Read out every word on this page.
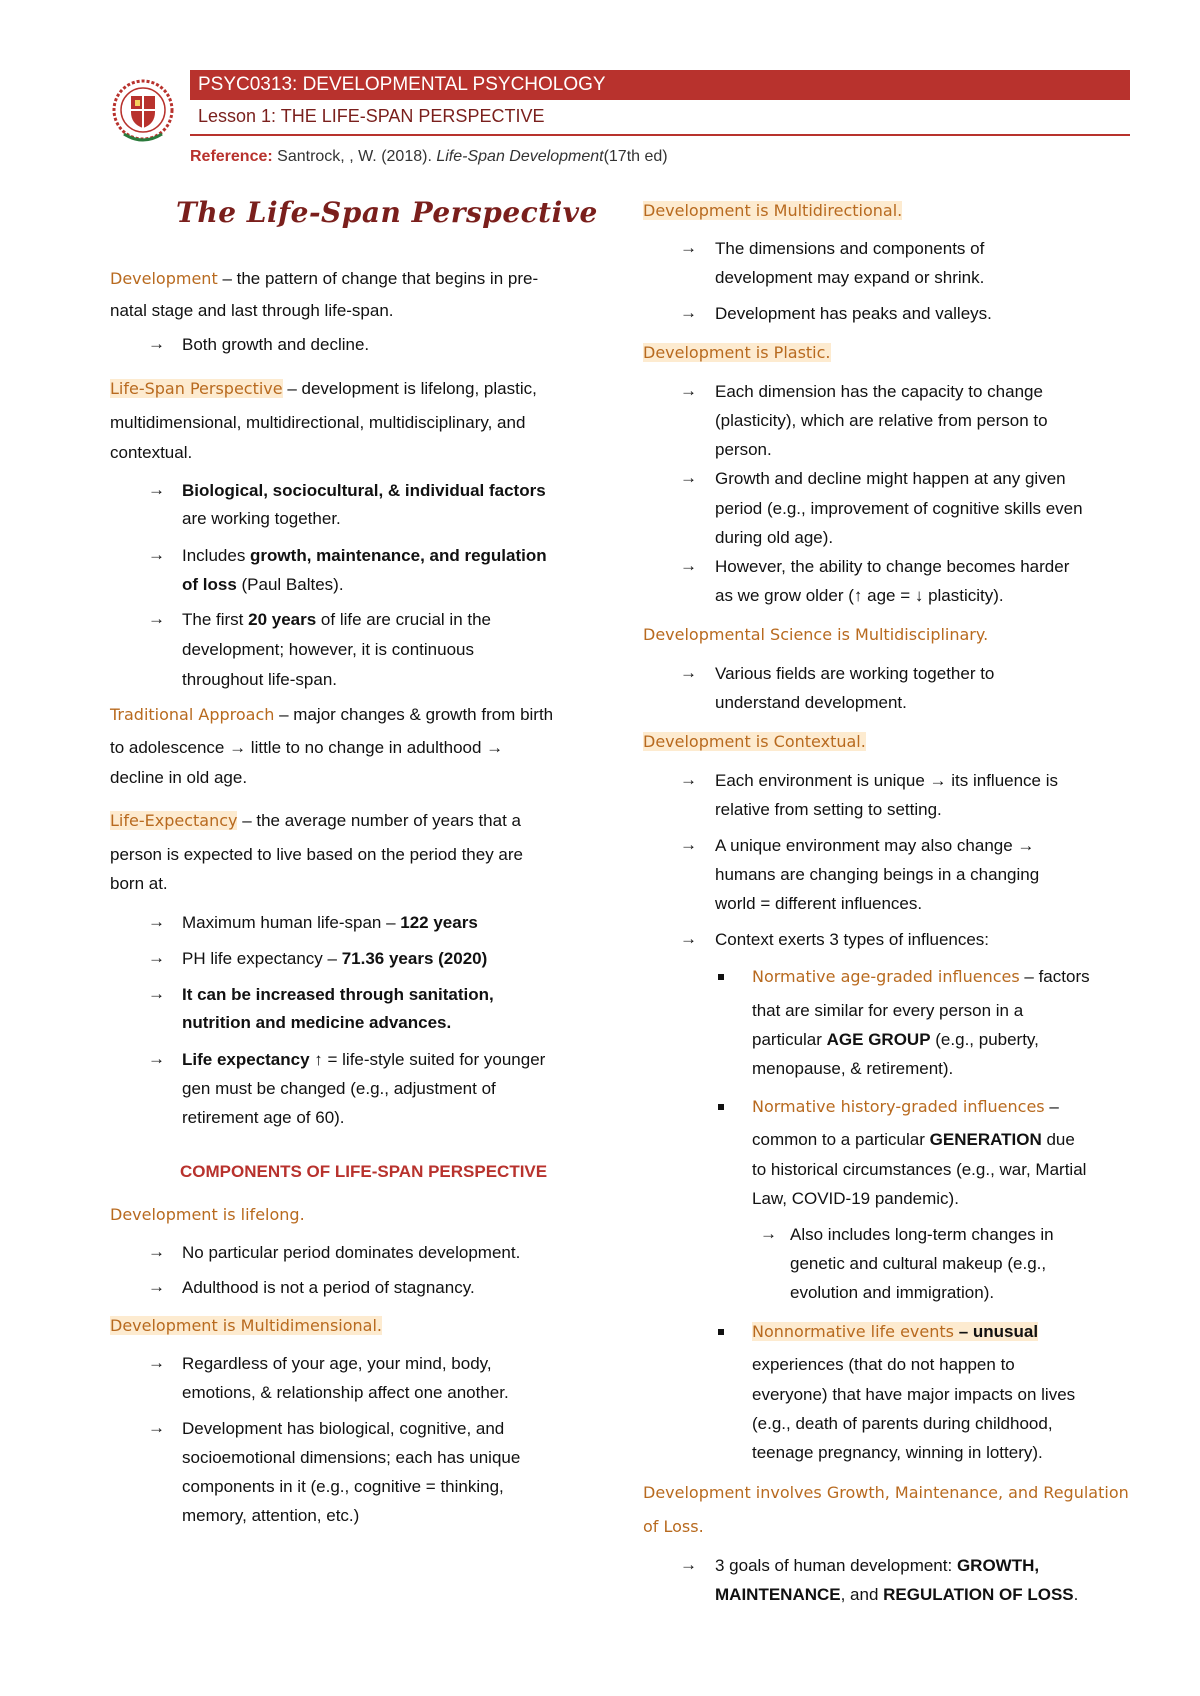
PSYC0313: DEVELOPMENTAL PSYCHOLOGY
Lesson 1: THE LIFE-SPAN PERSPECTIVE
Reference: Santrock, , W. (2018). Life-Span Development(17th ed)
The Life-Span Perspective
Development – the pattern of change that begins in pre-
natal stage and last through life-span.
→ Both growth and decline.
Life-Span Perspective – development is lifelong, plastic,
multidimensional, multidirectional, multidisciplinary, and
contextual.
→ Biological, sociocultural, & individual factors
are working together.
→ Includes growth, maintenance, and regulation
of loss (Paul Baltes).
→ The first 20 years of life are crucial in the
development; however, it is continuous
throughout life-span.
Traditional Approach – major changes & growth from birth
to adolescence → little to no change in adulthood →
decline in old age.
Life-Expectancy – the average number of years that a
person is expected to live based on the period they are
born at.
→ Maximum human life-span – 122 years
→ PH life expectancy – 71.36 years (2020)
→ It can be increased through sanitation,
nutrition and medicine advances.
→ Life expectancy ↑ = life-style suited for younger
gen must be changed (e.g., adjustment of
retirement age of 60).
COMPONENTS OF LIFE-SPAN PERSPECTIVE
Development is lifelong.
→ No particular period dominates development.
→ Adulthood is not a period of stagnancy.
Development is Multidimensional.
→ Regardless of your age, your mind, body,
emotions, & relationship affect one another.
→ Development has biological, cognitive, and
socioemotional dimensions; each has unique
components in it (e.g., cognitive = thinking,
memory, attention, etc.)
Development is Multidirectional.
→ The dimensions and components of
development may expand or shrink.
→ Development has peaks and valleys.
Development is Plastic.
→ Each dimension has the capacity to change
(plasticity), which are relative from person to
person.
→ Growth and decline might happen at any given
period (e.g., improvement of cognitive skills even
during old age).
→ However, the ability to change becomes harder
as we grow older (↑ age = ↓ plasticity).
Developmental Science is Multidisciplinary.
→ Various fields are working together to
understand development.
Development is Contextual.
→ Each environment is unique → its influence is
relative from setting to setting.
→ A unique environment may also change →
humans are changing beings in a changing
world = different influences.
→ Context exerts 3 types of influences:
Normative age-graded influences – factors
that are similar for every person in a
particular AGE GROUP (e.g., puberty,
menopause, & retirement).
Normative history-graded influences –
common to a particular GENERATION due
to historical circumstances (e.g., war, Martial
Law, COVID-19 pandemic).
→ Also includes long-term changes in
genetic and cultural makeup (e.g.,
evolution and immigration).
Nonnormative life events – unusual
experiences (that do not happen to
everyone) that have major impacts on lives
(e.g., death of parents during childhood,
teenage pregnancy, winning in lottery).
Development involves Growth, Maintenance, and Regulation
of Loss.
→ 3 goals of human development: GROWTH,
MAINTENANCE, and REGULATION OF LOSS.
